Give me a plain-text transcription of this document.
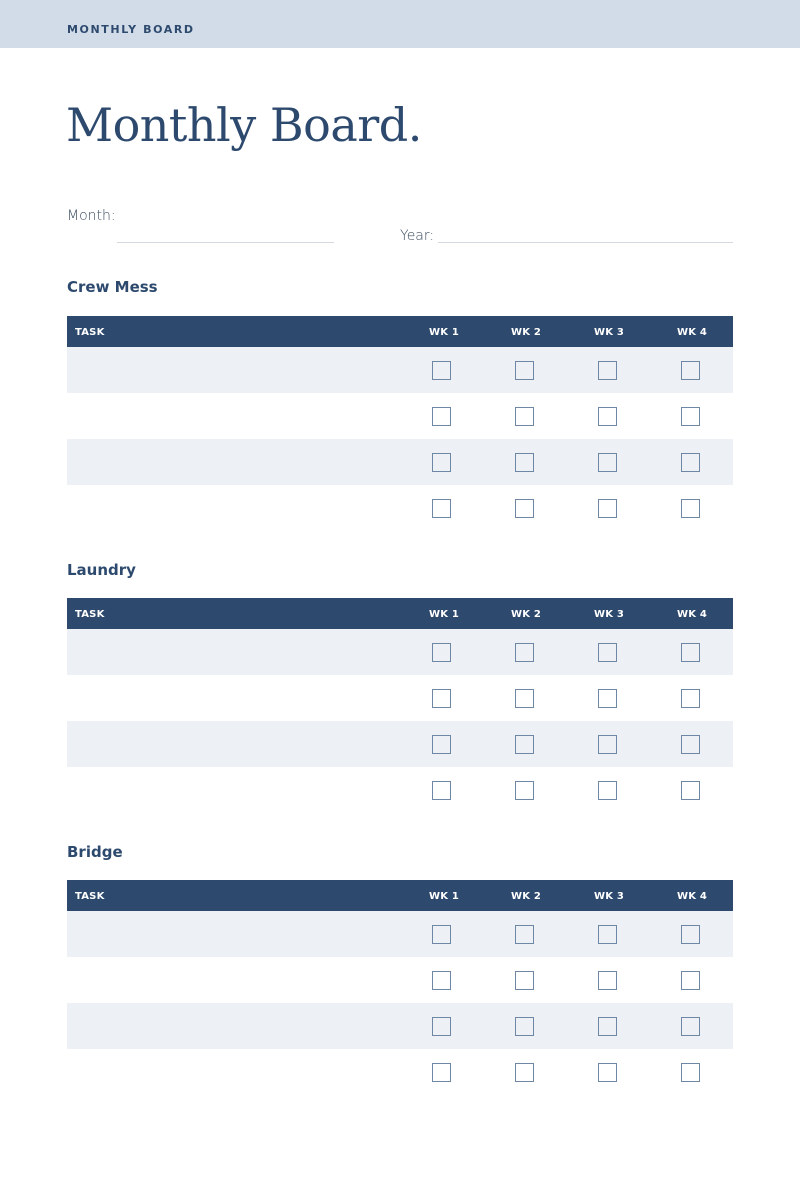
MONTHLY BOARD
Monthly Board.
Month:
Year:
Crew Mess
TASK	WK 1	WK 2	WK 3	WK 4
Laundry
TASK	WK 1	WK 2	WK 3	WK 4
Bridge
TASK	WK 1	WK 2	WK 3	WK 4
